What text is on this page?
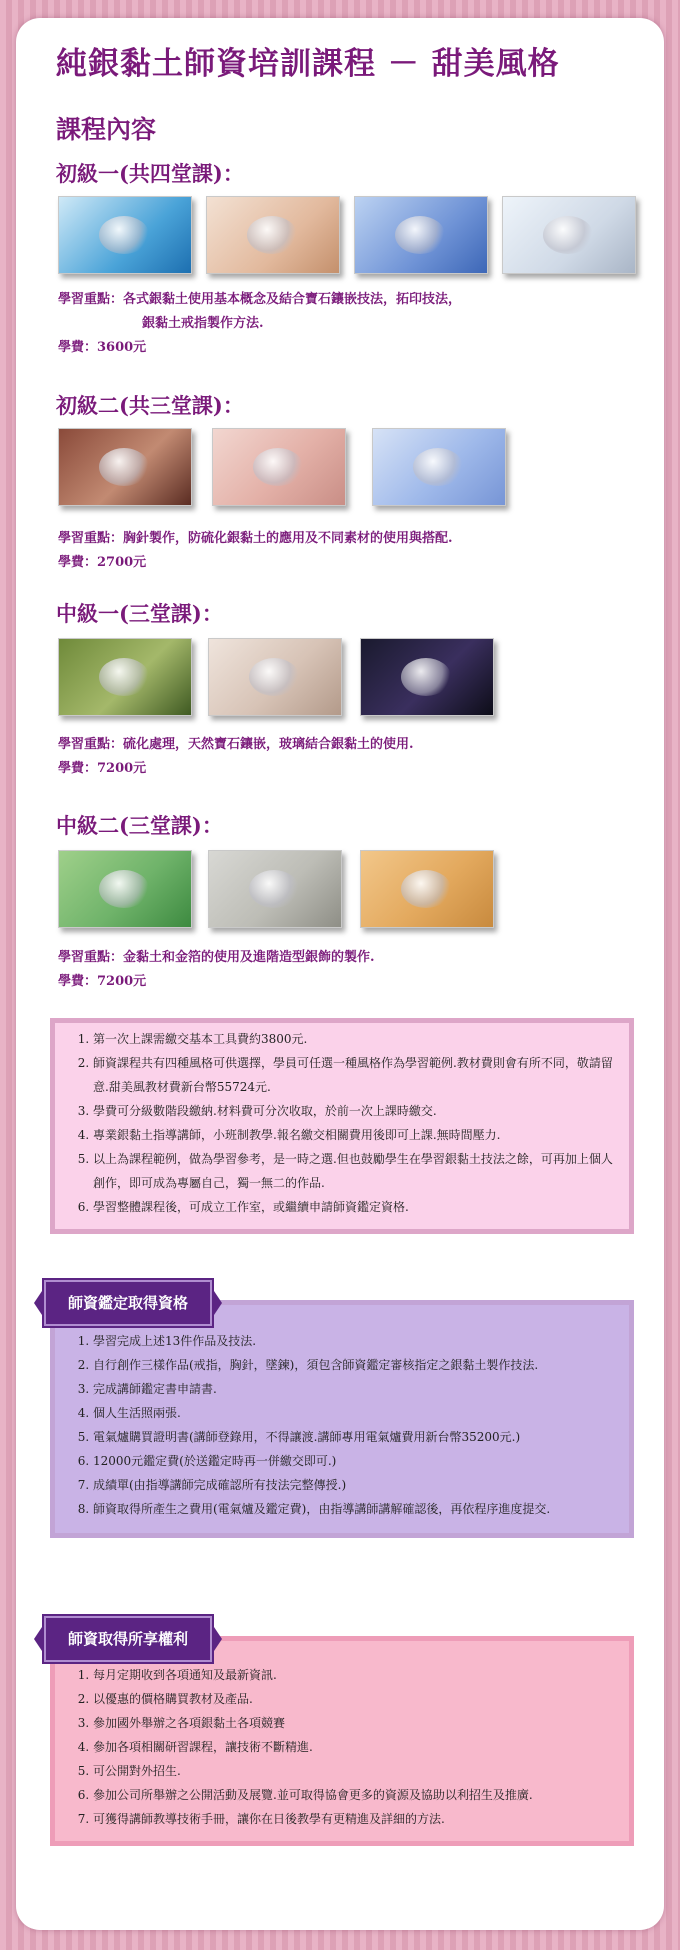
純銀黏土師資培訓課程 － 甜美風格
課程內容
初級一(共四堂課)：
學習重點：各式銀黏土使用基本概念及結合寶石鑲嵌技法，拓印技法，
銀黏土戒指製作方法.
學費：3600元
初級二(共三堂課)：
學習重點：胸針製作，防硫化銀黏土的應用及不同素材的使用與搭配.
學費：2700元
中級一(三堂課)：
學習重點：硫化處理，天然寶石鑲嵌，玻璃結合銀黏土的使用.
學費：7200元
中級二(三堂課)：
學習重點：金黏土和金箔的使用及進階造型銀飾的製作.
學費：7200元
1. 第一次上課需繳交基本工具費約3800元.
2. 師資課程共有四種風格可供選擇，學員可任選一種風格作為學習範例.教材費則會有所不同，敬請留意.甜美風教材費新台幣55724元.
3. 學費可分級數階段繳納.材料費可分次收取，於前一次上課時繳交.
4. 專業銀黏土指導講師，小班制教學.報名繳交相關費用後即可上課.無時間壓力.
5. 以上為課程範例，做為學習參考，是一時之選.但也鼓勵學生在學習銀黏土技法之餘，可再加上個人創作，即可成為專屬自己，獨一無二的作品.
6. 學習整體課程後，可成立工作室，或繼續申請師資鑑定資格.
1. 學習完成上述13件作品及技法.
2. 自行創作三樣作品(戒指，胸針，墜鍊)，須包含師資鑑定審核指定之銀黏土製作技法.
3. 完成講師鑑定書申請書.
4. 個人生活照兩張.
5. 電氣爐購買證明書(講師登錄用，不得讓渡.講師專用電氣爐費用新台幣35200元.)
6. 12000元鑑定費(於送鑑定時再一併繳交即可.)
7. 成績單(由指導講師完成確認所有技法完整傳授.)
8. 師資取得所產生之費用(電氣爐及鑑定費)，由指導講師講解確認後，再依程序進度提交.
師資鑑定取得資格
1. 每月定期收到各項通知及最新資訊.
2. 以優惠的價格購買教材及產品.
3. 參加國外舉辦之各項銀黏土各項競賽
4. 參加各項相關研習課程，讓技術不斷精進.
5. 可公開對外招生.
6. 參加公司所舉辦之公開活動及展覽.並可取得協會更多的資源及協助以利招生及推廣.
7. 可獲得講師教導技術手冊，讓你在日後教學有更精進及詳細的方法.
師資取得所享權利
